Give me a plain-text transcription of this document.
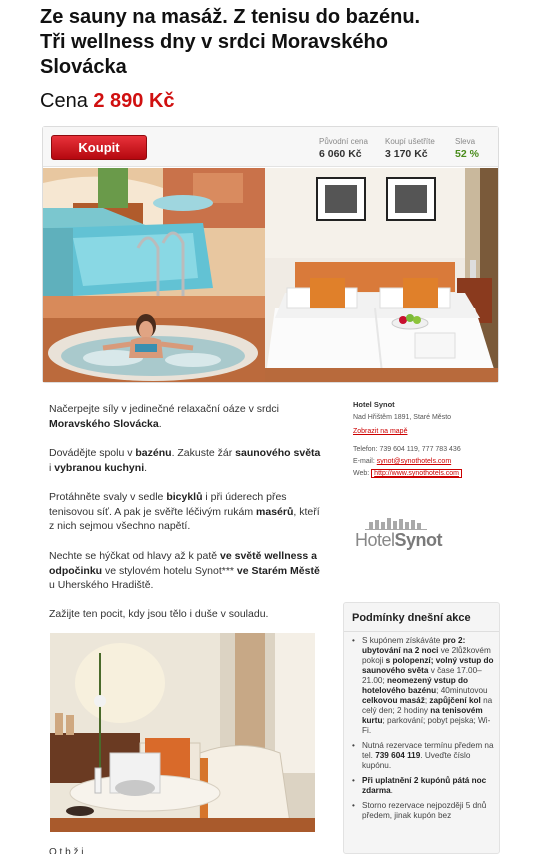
Ze sauny na masáž. Z tenisu do bazénu.
Tři wellness dny v srdci Moravského
Slovácka
Cena 2 890 Kč
Koupit	Původní cena
6 060 Kč
Koupí ušetříte
3 170 Kč
Sleva
52 %
Načerpejte síly v jedinečné relaxační oáze v srdci Moravského Slovácka.
Dovádějte spolu v bazénu. Zakuste žár saunového světa i vybranou kuchyni.
Protáhněte svaly v sedle bicyklů i při úderech přes tenisovou síť. A pak je svěřte léčivým rukám masérů, kteří z nich sejmou všechno napětí.
Nechte se hýčkat od hlavy až k patě ve světě wellness a odpočinku ve stylovém hotelu Synot*** ve Starém Městě u Uherského Hradiště.
Zažijte ten pocit, kdy jsou tělo i duše v souladu.
Hotel Synot
Nad Hřištěm 1891, Staré Město
Zobrazit na mapě
Telefon: 739 604 119, 777 783 436
E-mail: synot@synothotels.com
Web: http://www.synothotels.com
HotelSynot
Podmínky dnešní akce
• S kupónem získáváte pro 2: ubytování na 2 noci ve 2lůžkovém pokoji s polopenzí; volný vstup do saunového světa v čase 17.00–21.00; neomezený vstup do hotelového bazénu; 40minutovou celkovou masáž; zapůjčení kol na celý den; 2 hodiny na tenisovém kurtu; parkování; pobyt pejska; Wi-Fi.
• Nutná rezervace termínu předem na tel. 739 604 119. Uveďte číslo kupónu.
• Při uplatnění 2 kupónů pátá noc zdarma.
• Storno rezervace nejpozději 5 dnů předem, jinak kupón bez
O t b ž i
